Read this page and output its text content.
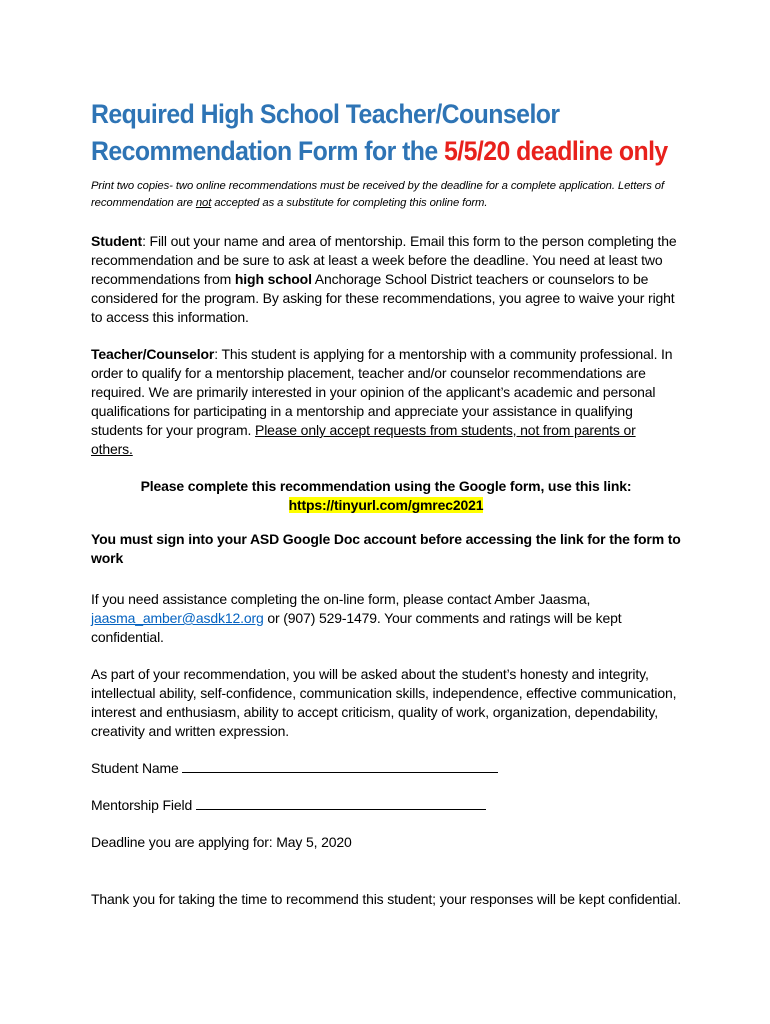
Required High School Teacher/Counselor
Recommendation Form for the 5/5/20 deadline only

Print two copies- two online recommendations must be received by the deadline for a complete application. Letters of recommendation are not accepted as a substitute for completing this online form.

Student: Fill out your name and area of mentorship. Email this form to the person completing the recommendation and be sure to ask at least a week before the deadline. You need at least two recommendations from high school Anchorage School District teachers or counselors to be considered for the program. By asking for these recommendations, you agree to waive your right to access this information.

Teacher/Counselor: This student is applying for a mentorship with a community professional. In order to qualify for a mentorship placement, teacher and/or counselor recommendations are required. We are primarily interested in your opinion of the applicant’s academic and personal qualifications for participating in a mentorship and appreciate your assistance in qualifying students for your program. Please only accept requests from students, not from parents or others.

Please complete this recommendation using the Google form, use this link:

https://tinyurl.com/gmrec2021

You must sign into your ASD Google Doc account before accessing the link for the form to work

If you need assistance completing the on-line form, please contact Amber Jaasma, jaasma_amber@asdk12.org or (907) 529-1479. Your comments and ratings will be kept confidential.

As part of your recommendation, you will be asked about the student’s honesty and integrity, intellectual ability, self-confidence, communication skills, independence, effective communication, interest and enthusiasm, ability to accept criticism, quality of work, organization, dependability, creativity and written expression.

Student Name

Mentorship Field

Deadline you are applying for: May 5, 2020

Thank you for taking the time to recommend this student; your responses will be kept confidential.
